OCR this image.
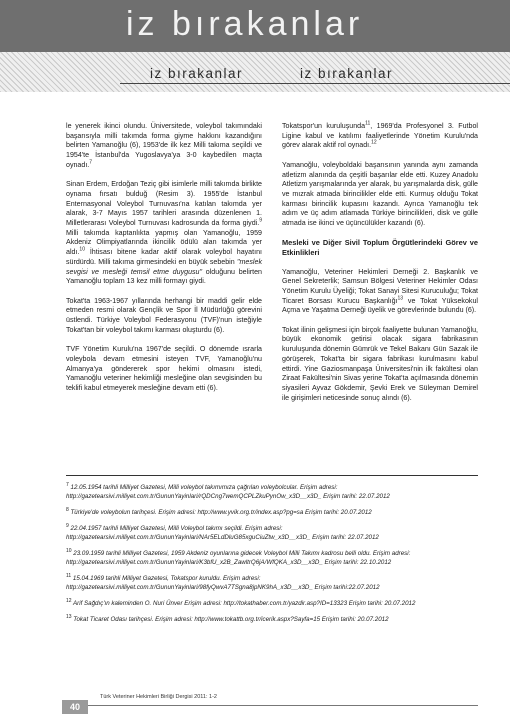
iz bırakanlar
iz bırakanlar	iz bırakanlar

le yenerek ikinci olundu. Üniversitede, voleybol takımındaki başarısıyla milli takımda forma giyme hakkını kazandığını belirten Yamanoğlu (6), 1953'de ilk kez Milli takıma seçildi ve 1954'te İstanbul'da Yugoslavya'ya 3-0 kaybedilen maçta oynadı.$^7$

Sinan Erdem, Erdoğan Teziç gibi isimlerle milli takımda birlikte oynama fırsatı bulduğ (Resim 3). 1955'de İstanbul Enternasyonal Voleybol Turnuvası'na katılan takımda yer alarak, 3-7 Mayıs 1957 tarihleri arasında düzenlenen 1. Milletlerarası Voleybol Turnuvası kadrosunda da forma giydi.$^9$ Milli takımda kaptanlıkta yapmış olan Yamanoğlu, 1959 Akdeniz Olimpiyatlarında ikincilik ödülü alan takımda yer aldı.$^{10}$ İhtisası bitene kadar aktif olarak voleybol hayatını sürdürdü. Milli takıma girmesindeki en büyük sebebin "meslek sevgisi ve mesleği temsil etme duygusu" olduğunu belirten Yamanoğlu toplam 13 kez milli formayı giydi.

Tokat'ta 1963-1967 yıllarında herhangi bir maddi gelir elde etmeden resmi olarak Gençlik ve Spor İl Müdürlüğü görevini üstlendi. Türkiye Voleybol Federasyonu (TVF)'nun isteğiyle Tokat'tan bir voleybol takımı karması oluşturdu (6).

TVF Yönetim Kurulu'na 1967'de seçildi. O dönemde ısrarla voleybola devam etmesini isteyen TVF, Yamanoğlu'nu Almanya'ya göndererek spor hekimi olmasını istedi, Yamanoğlu veteriner hekimliği mesleğine olan sevgisinden bu teklifi kabul etmeyerek mesleğine devam etti (6).

Tokatspor'un kuruluşunda$^{11}$, 1969'da Profesyonel 3. Futbol Ligine kabul ve katılımı faaliyetlerinde Yönetim Kurulu'nda görev alarak aktif rol oynadı.$^{12}$

Yamanoğlu, voleyboldaki başarısının yanında aynı zamanda atletizm alanında da çeşitli başarılar elde etti. Kuzey Anadolu Atletizm yarışmalarında yer alarak, bu yarışmalarda disk, gülle ve mızrak atmada birincilikler elde etti. Kurmuş olduğu Tokat karması birincilik kupasını kazandı. Ayrıca Yamanoğlu tek adım ve üç adım atlamada Türkiye birincilikleri, disk ve gülle atmada ise ikinci ve üçüncülükler kazandı (6).

Mesleki ve Diğer Sivil Toplum Örgütlerindeki Görev ve Etkinlikleri

Yamanoğlu, Veteriner Hekimleri Derneği 2. Başkanlık ve Genel Sekreterlik; Samsun Bölgesi Veteriner Hekimler Odası Yönetim Kurulu Üyeliği; Tokat Sanayi Sitesi Kuruculuğu; Tokat Ticaret Borsası Kurucu Başkanlığı$^{13}$ ve Tokat Yüksekokul Açma ve Yaşatma Derneği üyelik ve görevlerinde bulundu (6).

Tokat ilinin gelişmesi için birçok faaliyette bulunan Yamanoğlu, büyük ekonomik getirisi olacak sigara fabrikasının kuruluşunda dönemin Gümrük ve Tekel Bakanı Gün Sazak ile görüşerek, Tokat'ta bir sigara fabrikası kurulmasını kabul ettirdi. Yine Gaziosmanpaşa Üniversitesi'nin ilk fakültesi olan Ziraat Fakültesi'nin Sivas yerine Tokat'ta açılmasında dönemin siyasileri Ayvaz Gökdemir, Şevki Erek ve Süleyman Demirel ile girişimleri neticesinde sonuç alındı (6).

$^7$ 12.05.1954 tarihli Milliyet Gazetesi, Milli voleybol takımımıza çağrılan voleybolcular. Erişim adresi: http://gazetearsivi.milliyet.com.tr/GununYayinlari/rQDCng7wemQCPLZkuPynOw_x3D__x3D_ Erişim tarihi: 22.07.2012

$^8$ Türkiye'de voleybolun tarihçesi. Erişim adresi: http://www.yvik.org.tr/index.asp?pg=sa Erişim tarihi: 20.07.2012

$^9$ 22.04.1957 tarihli Milliyet Gazetesi, Milli Voleybol takımı seçildi. Erişim adresi: http://gazetearsivi.milliyet.com.tr/GununYayinlari/NAr5ELdDluG85xguCiuZtw_x3D__x3D_ Erişim tarihi: 22.07.2012

$^{10}$ 23.09.1959 tarihli Milliyet Gazetesi, 1959 Akdeniz oyunlarına gidecek Voleybol Milli Takımı kadrosu belli oldu. Erişim adresi: http://gazetearsivi.milliyet.com.tr/GununYayinlari/K3bfU_x2B_ZawltrQ6jA/WfQKA_x3D__x3D_ Erişim tarihi: 22.10.2012

$^{11}$ 15.04.1969 tarihli Milliyet Gazetesi, Tokatspor kuruldu. Erişim adresi: http://gazetearsivi.milliyet.com.tr/GununYayinlari/98fyQwvA7TSgna8jpNK9hA_x3D__x3D_ Erişim tarihi:22.07.2012

$^{12}$ Arif Sağdıç'ın kaleminden O. Nuri Ünver Erişim adresi: http://tokathaber.com.tr/yazdir.asp?ID=13323 Erişim tarihi: 20.07.2012

$^{13}$ Tokat Ticaret Odası tarihçesi. Erişim adresi: http://www.tokattb.org.tr/icerik.aspx?Sayfa=15 Erişim tarihi: 20.07.2012

Türk Veteriner Hekimleri Birliği Dergisi 2011: 1-2
40
